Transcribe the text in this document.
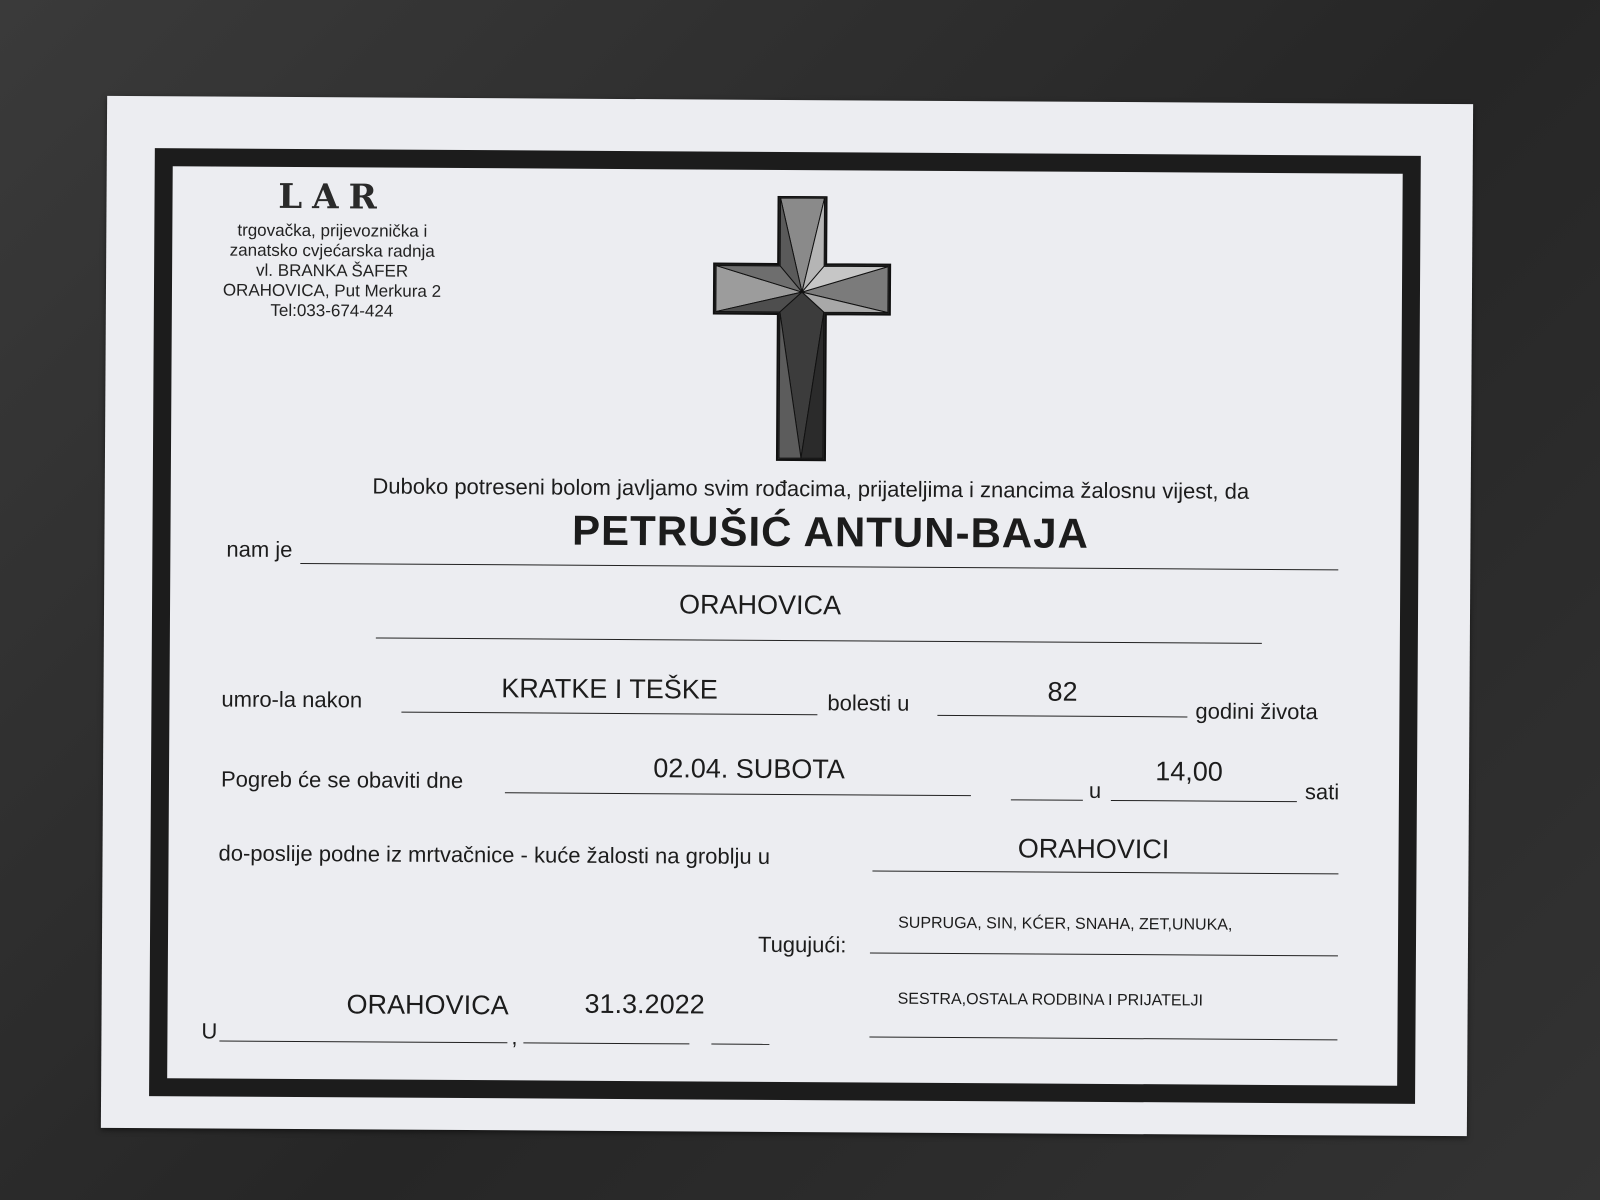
LAR
trgovačka, prijevoznička i
zanatsko cvjećarska radnja
vl. BRANKA ŠAFER
ORAHOVICA, Put Merkura 2
Tel:033-674-424
Duboko potreseni bolom javljamo svim rođacima, prijateljima i znancima žalosnu vijest, da
nam je	PETRUŠIĆ ANTUN-BAJA
ORAHOVICA
umro-la nakon	KRATKE I TEŠKE	bolesti u	82
godini života
Pogreb će se obaviti dne	02.04. SUBOTA
u
14,00
sati
do-poslije podne iz mrtvačnice - kuće žalosti na groblju u	ORAHOVICI
Tugujući:
SUPRUGA, SIN, KĆER, SNAHA, ZET,UNUKA,
SESTRA,OSTALA RODBINA I PRIJATELJI
U
ORAHOVICA
,
31.3.2022
